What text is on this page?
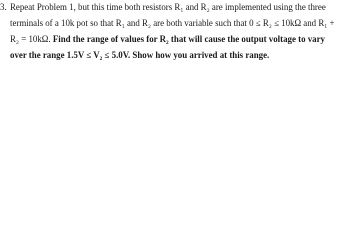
3. Repeat Problem 1, but this time both resistors R₁ and R₂ are implemented using the three
terminals of a 10k pot so that R₁ and R₂ are both variable such that 0 ≤ R₂ ≤ 10kΩ and R₁ +
R₂ = 10kΩ. Find the range of values for R₂ that will cause the output voltage to vary
over the range 1.5V ≤ V₂ ≤ 5.0V. Show how you arrived at this range.
